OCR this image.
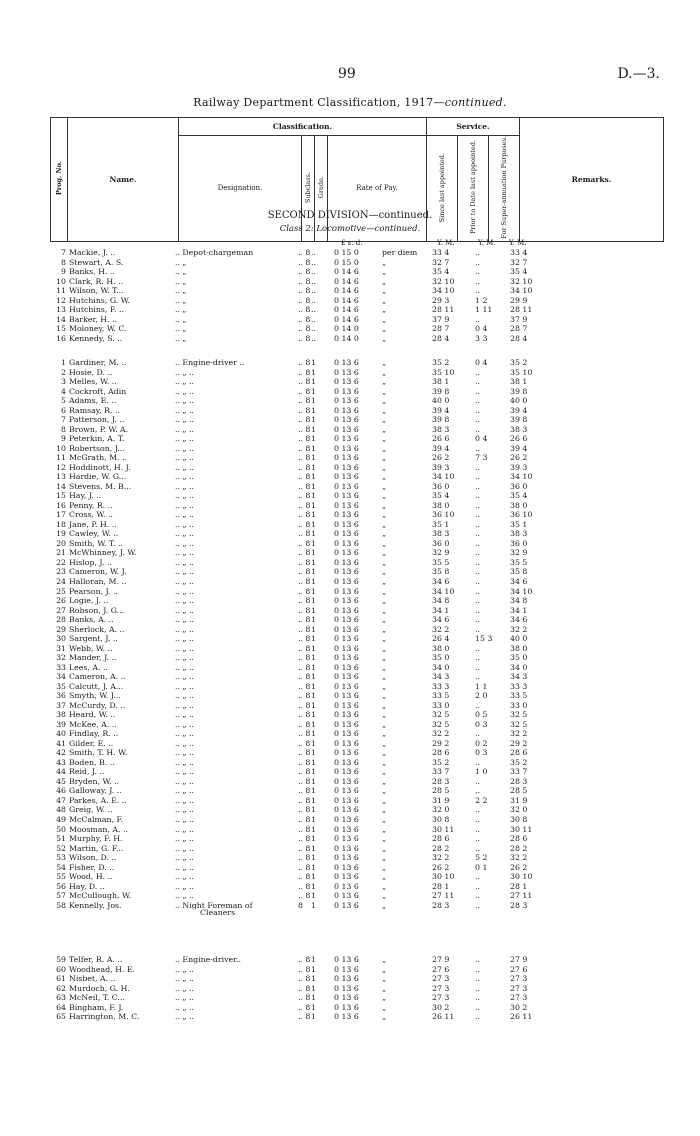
99	D.—3.
Railway Department Classification, 1917—continued.
Prog. No.	Name.	Classification.				Service.			Remarks.
		Designation.	Subclass.	Grade.	Rate of Pay.	Since last appointed.	Prior to Date last appointed.	For Super-annuation Purposes.	
SECOND DIVISION—continued.
Class 2: Locomotive—continued.
£ s. d.	Y. M.	Y. M. Y. M.
7 Mackie, J. ..	.. Depot-chargeman	.. 8 .. 0 15 0	per diem 33 4	..	33 4
8 Stewart, A. S.	.. „	.. 8 .. 0 15 0	„	32 7	..	32 7
9 Banks, H. ..	.. „	.. 8 .. 0 14 6	„	35 4	..	35 4
10 Clark, R. H. ..	.. „	.. 8 .. 0 14 6	„	32 10	..	32 10
11 Wilson, W. T...	.. „	.. 8 .. 0 14 6	„	34 10	..	34 10
12 Hutchins, G. W.	.. „	.. 8 .. 0 14 6	„	29 3	1 2	29 9
13 Hutchins, F. ..	.. „	.. 8 .. 0 14 6	„	28 11	1 11 28 11
14 Barker, H. ..	.. „	.. 8 .. 0 14 6	„	37 9	..	37 9
15 Moloney, W. C.	.. „	.. 8 .. 0 14 0	„	28 7	0 4	28 7
16 Kennedy, S. ..	.. „	.. 8 .. 0 14 0	„	28 4	3 3	28 4
1 Gardiner, M. ..	.. Engine-driver ..	.. 8 1 0 13 6	„	35 2	0 4	35 2
2 Hosie, D. ..	.. „ ..	.. 8 1 0 13 6	„	35 10	..	35 10
3 Melles, W. ..	.. „ ..	.. 8 1 0 13 6	„	38 1	..	38 1
4 Cockroft, Adin	.. „ ..	.. 8 1 0 13 6	„	39 8	..	39 8
5 Adams, E. ..	.. „ ..	.. 8 1 0 13 6	„	40 0	..	40 0
6 Ramsay, R. ..	.. „ ..	.. 8 1 0 13 6	„	39 4	..	39 4
7 Patterson, J. ..	.. „ ..	.. 8 1 0 13 6	„	39 8	..	39 8
8 Brown, P. W. A.	.. „ ..	.. 8 1 0 13 6	„	38 3	..	38 3
9 Peterkin, A. T.	.. „ ..	.. 8 1 0 13 6	„	26 6	0 4	26 6
10 Robertson, J...	.. „ ..	.. 8 1 0 13 6	„	39 4	..	39 4
11 McGrath, M. ..	.. „ ..	.. 8 1 0 13 6	„	26 2	7 3	26 2
12 Hoddinott, H. J.	.. „ ..	.. 8 1 0 13 6	„	39 3	..	39 3
13 Hardie, W. G...	.. „ ..	.. 8 1 0 13 6	„	34 10	..	34 10
14 Stevens, M. B...	.. „ ..	.. 8 1 0 13 6	„	36 0	..	36 0
15 Hay, J. ..	.. „ ..	.. 8 1 0 13 6	„	35 4	..	35 4
16 Penny, R. ..	.. „ ..	.. 8 1 0 13 6	„	38 0	..	38 0
17 Cross, W. ..	.. „ ..	.. 8 1 0 13 6	„	36 10	..	36 10
18 Jane, P. H. ..	.. „ ..	.. 8 1 0 13 6	„	35 1	..	35 1
19 Cawley, W. ..	.. „ ..	.. 8 1 0 13 6	„	38 3	..	38 3
20 Smith, W. T. ..	.. „ ..	.. 8 1 0 13 6	„	36 0	..	36 0
21 McWhinney, J. W.	.. „ ..	.. 8 1 0 13 6	„	32 9	..	32 9
22 Hislop, J. ..	.. „ ..	.. 8 1 0 13 6	„	35 5	..	35 5
23 Cameron, W. J.	.. „ ..	.. 8 1 0 13 6	„	35 8	..	35 8
24 Halloran, M. ..	.. „ ..	.. 8 1 0 13 6	„	34 6	..	34 6
25 Pearson, J. ..	.. „ ..	.. 8 1 0 13 6	„	34 10	..	34 10
26 Logie, J. ..	.. „ ..	.. 8 1 0 13 6	„	34 8	..	34 8
27 Robson, J. G...	.. „ ..	.. 8 1 0 13 6	„	34 1	..	34 1
28 Banks, A. ..	.. „ ..	.. 8 1 0 13 6	„	34 6	..	34 6
29 Sherlock, A. ..	.. „ ..	.. 8 1 0 13 6	„	32 2	..	32 2
30 Sargent, J. ..	.. „ ..	.. 8 1 0 13 6	„	26 4	15 3 40 0
31 Webb, W. ..	.. „ ..	.. 8 1 0 13 6	„	38 0	..	38 0
32 Mander, J. ..	.. „ ..	.. 8 1 0 13 6	„	35 0	..	35 0
33 Lees, A. ..	.. „ ..	.. 8 1 0 13 6	„	34 0	..	34 0
34 Cameron, A. ..	.. „ ..	.. 8 1 0 13 6	„	34 3	..	34 3
35 Calcutt, J. A...	.. „ ..	.. 8 1 0 13 6	„	33 3	1 1	33 3
36 Smyth, W. J...	.. „ ..	.. 8 1 0 13 6	„	33 5	2 0	33 5
37 McCurdy, D. ..	.. „ ..	.. 8 1 0 13 6	„	33 0	..	33 0
38 Heard, W. ..	.. „ ..	.. 8 1 0 13 6	„	32 5	0 5	32 5
39 McKee, A. ..	.. „ ..	.. 8 1 0 13 6	„	32 5	0 3	32 5
40 Findlay, R. ..	.. „ ..	.. 8 1 0 13 6	„	32 2	..	32 2
41 Gilder, E. ..	.. „ ..	.. 8 1 0 13 6	„	29 2	0 2	29 2
42 Smith, T. H. W.	.. „ ..	.. 8 1 0 13 6	„	28 6	0 3	28 6
43 Boden, B. ..	.. „ ..	.. 8 1 0 13 6	„	35 2	..	35 2
44 Reid, J. ..	.. „ ..	.. 8 1 0 13 6	„	33 7	1 0	33 7
45 Bryden, W. ..	.. „ ..	.. 8 1 0 13 6	„	28 3	..	28 3
46 Galloway, J. ..	.. „ ..	.. 8 1 0 13 6	„	28 5	..	28 5
47 Parkes, A. E. ..	.. „ ..	.. 8 1 0 13 6	„	31 9	2 2	31 9
48 Greig, W. ..	.. „ ..	.. 8 1 0 13 6	„	32 0	..	32 0
49 McCalman, F.	.. „ ..	.. 8 1 0 13 6	„	30 8	..	30 8
50 Moosman, A. ..	.. „ ..	.. 8 1 0 13 6	„	30 11	..	30 11
51 Murphy, F. H.	.. „ ..	.. 8 1 0 13 6	„	28 6	..	28 6
52 Martin, G. F...	.. „ ..	.. 8 1 0 13 6	„	28 2	..	28 2
53 Wilson, D. ..	.. „ ..	.. 8 1 0 13 6	„	32 2	5 2	32 2
54 Fisher, D. ..	.. „ ..	.. 8 1 0 13 6	„	26 2	0 1	26 2
55 Wood, H. ..	.. „ ..	.. 8 1 0 13 6	„	30 10	..	30 10
56 Hay, D. ..	.. „ ..	.. 8 1 0 13 6	„	28 1	..	28 1
57 McCullough, W.	.. „ ..	.. 8 1 0 13 6	„	27 11	..	27 11
58 Kennelly, Jos.	.. Night Foreman of	8 1 0 13 6	„	28 3	..	28 3
Cleaners
59 Telfer, R. A. ..	.. Engine-driver..	.. 8 1 0 13 6	„	27 9	..	27 9
60 Woodhead, H. E.	.. „ ..	.. 8 1 0 13 6	„	27 6	..	27 6
61 Nisbet, A. ..	.. „ ..	.. 8 1 0 13 6	„	27 3	..	27 3
62 Murdoch, G. H.	.. „ ..	.. 8 1 0 13 6	„	27 3	..	27 3
63 McNeil, T. C...	.. „ ..	.. 8 1 0 13 6	„	27 3	..	27 3
64 Bingham, F. J.	.. „ ..	.. 8 1 0 13 6	„	30 2	..	30 2
65 Harrington, M. C.	.. „ ..	.. 8 1 0 13 6	„	26 11	..	26 11
